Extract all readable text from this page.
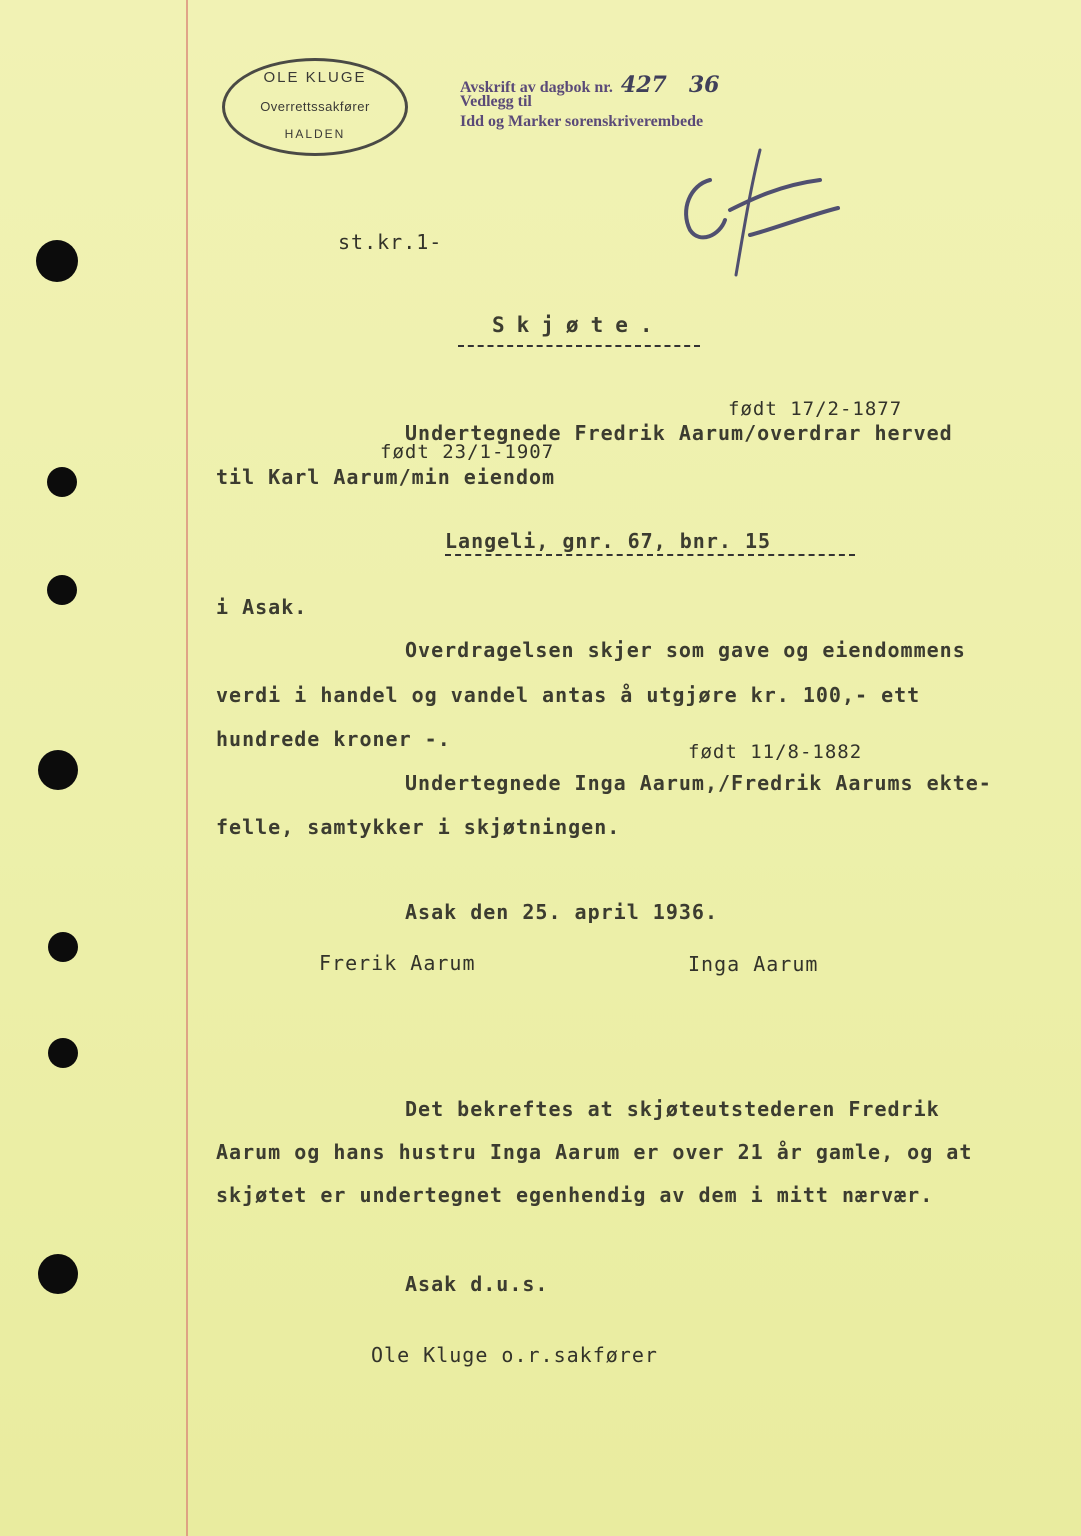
OLE KLUGE
Overrettssakfører
HALDEN
Avskrift av dagbok nr. 427 36
Vedlegg til
Idd og Marker sorenskriverembede
st.kr.1-
Skjøte.
født 17/2-1877
Undertegnede Fredrik Aarum/overdrar herved
født 23/1-1907
til Karl Aarum/min eiendom
Langeli, gnr. 67, bnr. 15
i Asak.
Overdragelsen skjer som gave og eiendommens
verdi i handel og vandel antas å utgjøre kr. 100,- ett
hundrede kroner -.
født 11/8-1882
Undertegnede Inga Aarum,/Fredrik Aarums ekte-
felle, samtykker i skjøtningen.
Asak den 25. april 1936.
Frerik Aarum	Inga Aarum
Det bekreftes at skjøteutstederen Fredrik
Aarum og hans hustru Inga Aarum er over 21 år gamle, og at
skjøtet er undertegnet egenhendig av dem i mitt nærvær.
Asak d.u.s.
Ole Kluge o.r.sakfører
